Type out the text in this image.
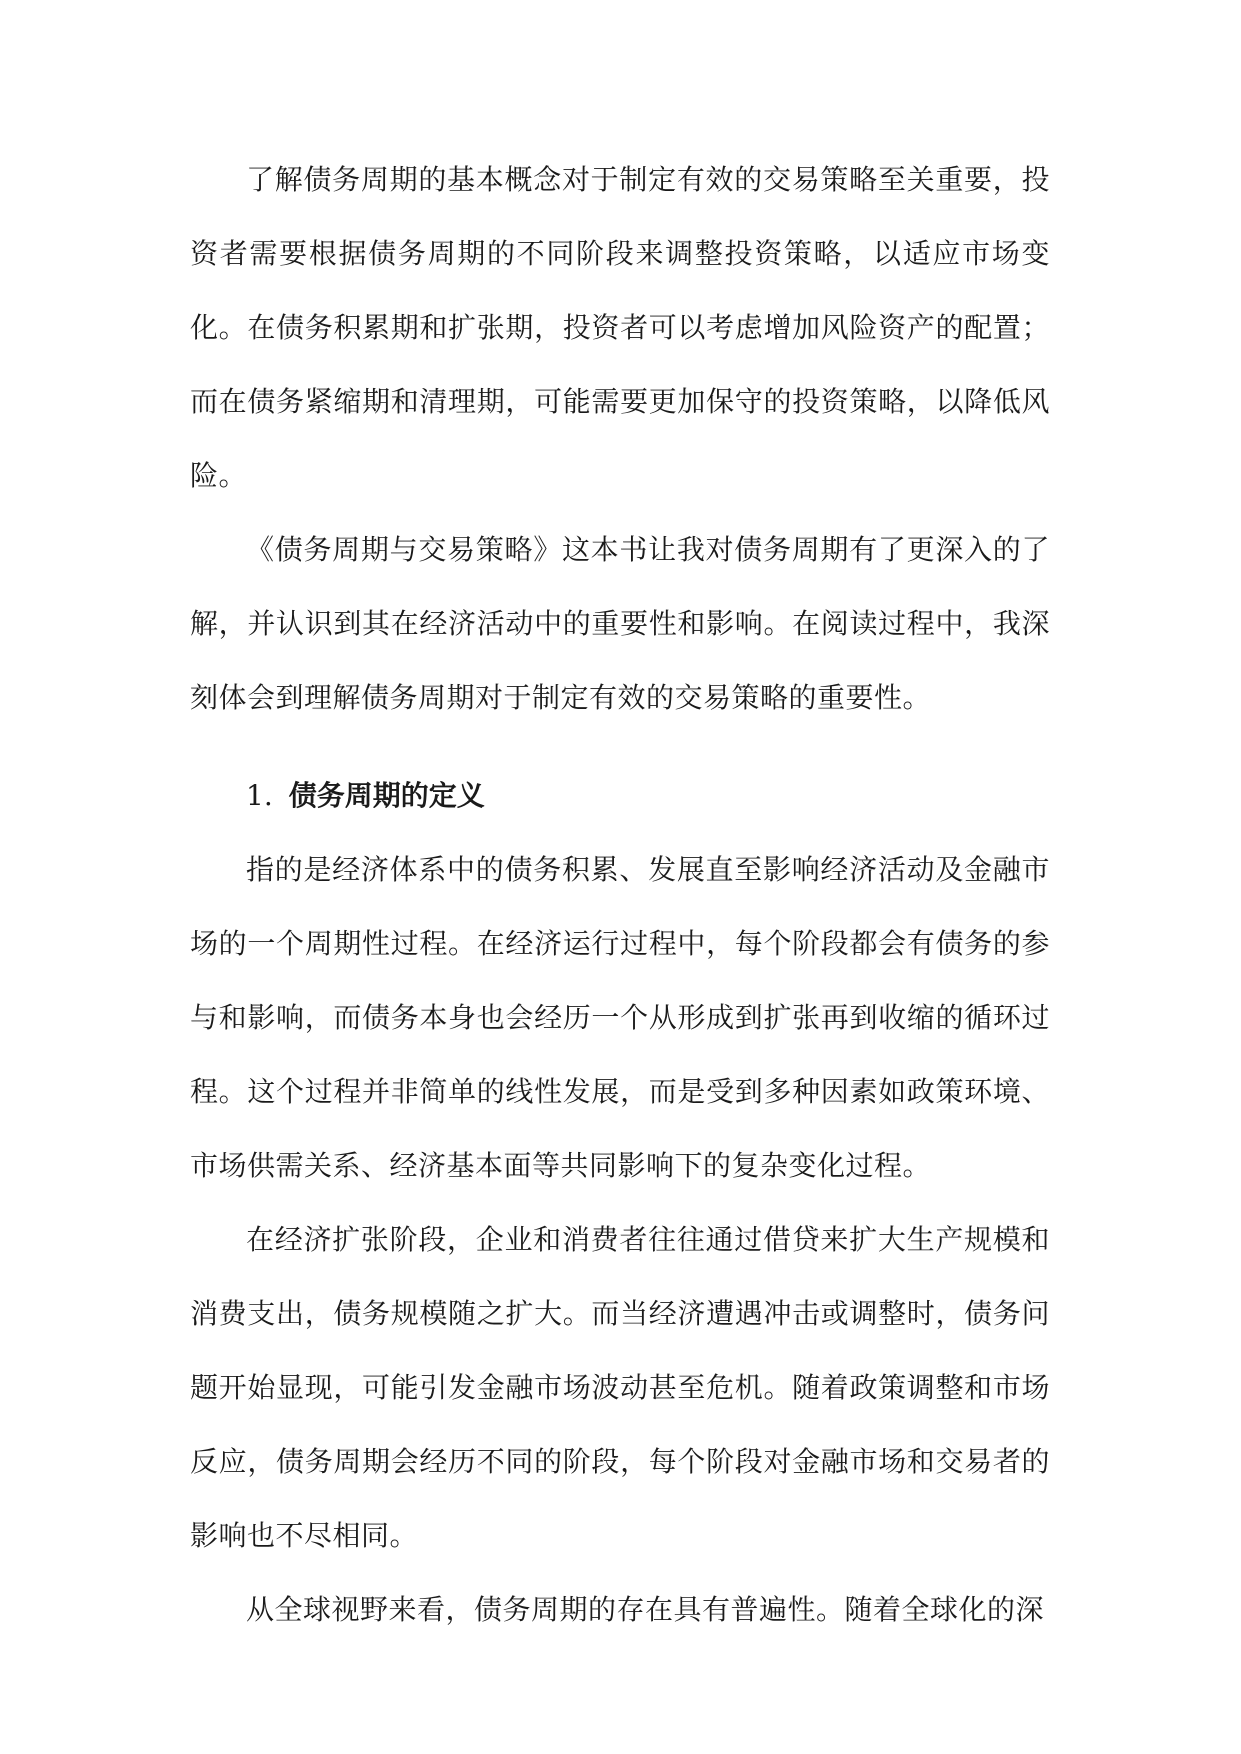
了解债务周期的基本概念对于制定有效的交易策略至关重要，投资者需要根据债务周期的不同阶段来调整投资策略，以适应市场变化。在债务积累期和扩张期，投资者可以考虑增加风险资产的配置；而在债务紧缩期和清理期，可能需要更加保守的投资策略，以降低风险。

《债务周期与交易策略》这本书让我对债务周期有了更深入的了解，并认识到其在经济活动中的重要性和影响。在阅读过程中，我深刻体会到理解债务周期对于制定有效的交易策略的重要性。

1. 债务周期的定义

指的是经济体系中的债务积累、发展直至影响经济活动及金融市场的一个周期性过程。在经济运行过程中，每个阶段都会有债务的参与和影响，而债务本身也会经历一个从形成到扩张再到收缩的循环过程。这个过程并非简单的线性发展，而是受到多种因素如政策环境、市场供需关系、经济基本面等共同影响下的复杂变化过程。

在经济扩张阶段，企业和消费者往往通过借贷来扩大生产规模和消费支出，债务规模随之扩大。而当经济遭遇冲击或调整时，债务问题开始显现，可能引发金融市场波动甚至危机。随着政策调整和市场反应，债务周期会经历不同的阶段，每个阶段对金融市场和交易者的影响也不尽相同。

从全球视野来看，债务周期的存在具有普遍性。随着全球化的深
